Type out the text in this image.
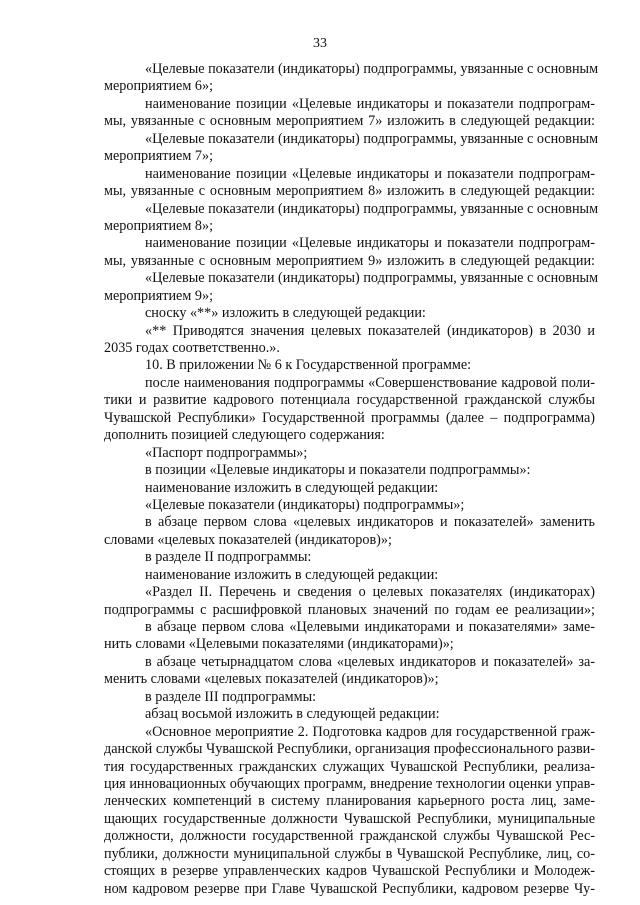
33
«Целевые показатели (индикаторы) подпрограммы, увязанные с основным
мероприятием 6»;
наименование позиции «Целевые индикаторы и показатели подпрограм-
мы, увязанные с основным мероприятием 7» изложить в следующей редакции:
«Целевые показатели (индикаторы) подпрограммы, увязанные с основным
мероприятием 7»;
наименование позиции «Целевые индикаторы и показатели подпрограм-
мы, увязанные с основным мероприятием 8» изложить в следующей редакции:
«Целевые показатели (индикаторы) подпрограммы, увязанные с основным
мероприятием 8»;
наименование позиции «Целевые индикаторы и показатели подпрограм-
мы, увязанные с основным мероприятием 9» изложить в следующей редакции:
«Целевые показатели (индикаторы) подпрограммы, увязанные с основным
мероприятием 9»;
сноску «**» изложить в следующей редакции:
«** Приводятся значения целевых показателей (индикаторов) в 2030 и
2035 годах соответственно.».
10. В приложении № 6 к Государственной программе:
после наименования подпрограммы «Совершенствование кадровой поли-
тики и развитие кадрового потенциала государственной гражданской службы
Чувашской Республики» Государственной программы (далее – подпрограмма)
дополнить позицией следующего содержания:
«Паспорт подпрограммы»;
в позиции «Целевые индикаторы и показатели подпрограммы»:
наименование изложить в следующей редакции:
«Целевые показатели (индикаторы) подпрограммы»;
в абзаце первом слова «целевых индикаторов и показателей» заменить
словами «целевых показателей (индикаторов)»;
в разделе II подпрограммы:
наименование изложить в следующей редакции:
«Раздел II. Перечень и сведения о целевых показателях (индикаторах)
подпрограммы с расшифровкой плановых значений по годам ее реализации»;
в абзаце первом слова «Целевыми индикаторами и показателями» заме-
нить словами «Целевыми показателями (индикаторами)»;
в абзаце четырнадцатом слова «целевых индикаторов и показателей» за-
менить словами «целевых показателей (индикаторов)»;
в разделе III подпрограммы:
абзац восьмой изложить в следующей редакции:
«Основное мероприятие 2. Подготовка кадров для государственной граж-
данской службы Чувашской Республики, организация профессионального разви-
тия государственных гражданских служащих Чувашской Республики, реализа-
ция инновационных обучающих программ, внедрение технологии оценки управ-
ленческих компетенций в систему планирования карьерного роста лиц, заме-
щающих государственные должности Чувашской Республики, муниципальные
должности, должности государственной гражданской службы Чувашской Рес-
публики, должности муниципальной службы в Чувашской Республике, лиц, со-
стоящих в резерве управленческих кадров Чувашской Республики и Молодеж-
ном кадровом резерве при Главе Чувашской Республики, кадровом резерве Чу-
